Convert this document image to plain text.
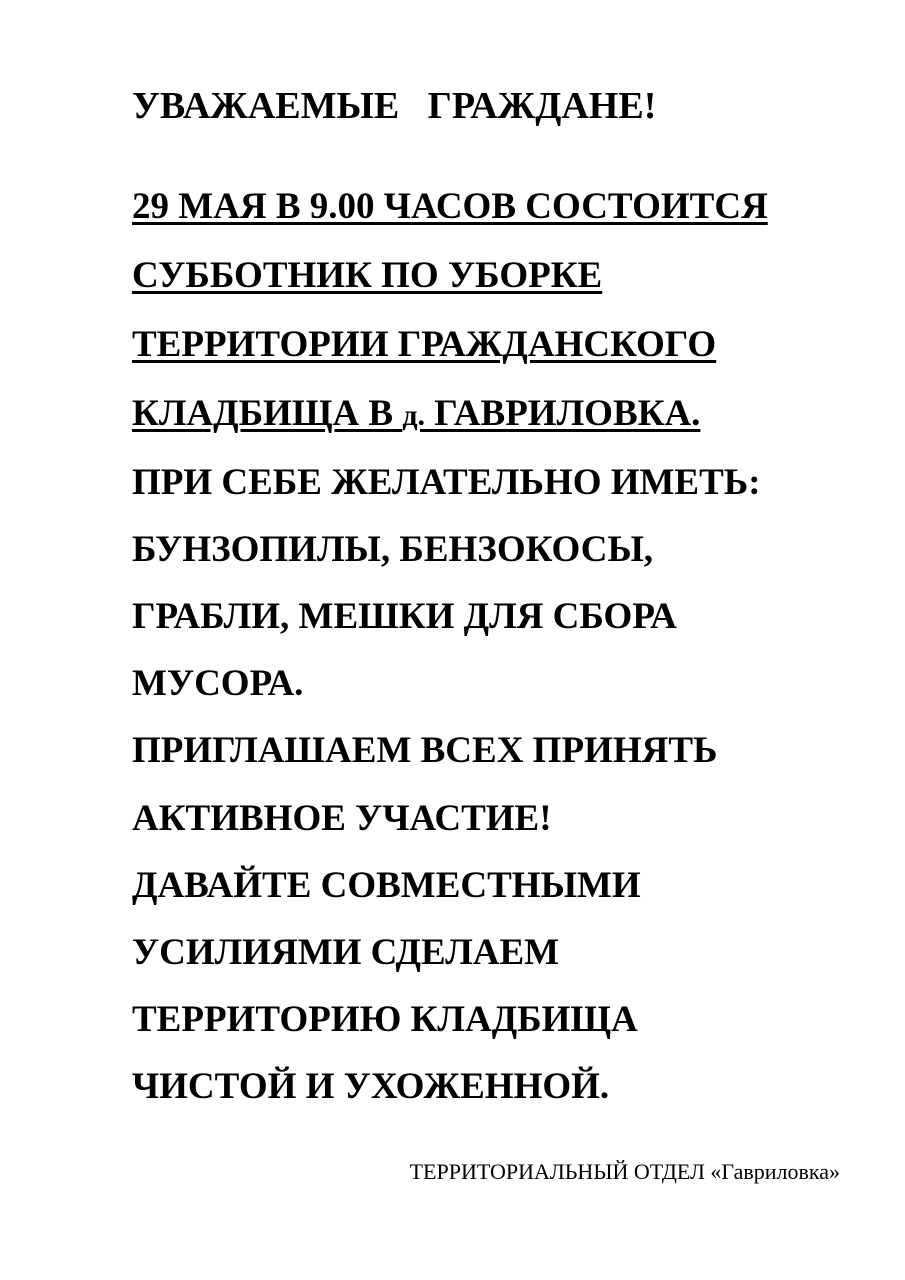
УВАЖАЕМЫЕ   ГРАЖДАНЕ!
29 МАЯ В 9.00 ЧАСОВ СОСТОИТСЯ
СУББОТНИК ПО УБОРКЕ
ТЕРРИТОРИИ ГРАЖДАНСКОГО
КЛАДБИЩА В д. ГАВРИЛОВКА.
ПРИ СЕБЕ ЖЕЛАТЕЛЬНО ИМЕТЬ:
БУНЗОПИЛЫ, БЕНЗОКОСЫ,
ГРАБЛИ, МЕШКИ ДЛЯ СБОРА
МУСОРА.
ПРИГЛАШАЕМ ВСЕХ ПРИНЯТЬ
АКТИВНОЕ УЧАСТИЕ!
ДАВАЙТЕ СОВМЕСТНЫМИ
УСИЛИЯМИ СДЕЛАЕМ
ТЕРРИТОРИЮ КЛАДБИЩА
ЧИСТОЙ И УХОЖЕННОЙ.
ТЕРРИТОРИАЛЬНЫЙ ОТДЕЛ «Гавриловка»
